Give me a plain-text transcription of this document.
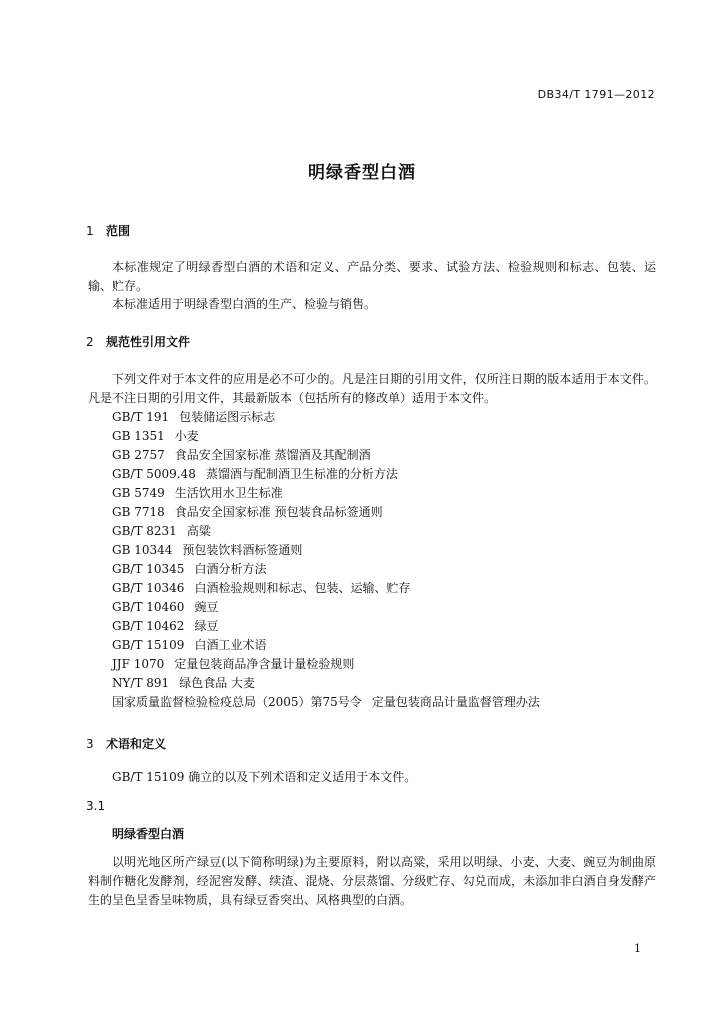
DB34/T 1791—2012
明绿香型白酒
1 范围
本标准规定了明绿香型白酒的术语和定义、产品分类、要求、试验方法、检验规则和标志、包装、运输、贮存。
本标准适用于明绿香型白酒的生产、检验与销售。
2 规范性引用文件
下列文件对于本文件的应用是必不可少的。凡是注日期的引用文件，仅所注日期的版本适用于本文件。凡是不注日期的引用文件，其最新版本（包括所有的修改单）适用于本文件。
GB/T 191 包装储运图示标志
GB 1351 小麦
GB 2757 食品安全国家标准 蒸馏酒及其配制酒
GB/T 5009.48 蒸馏酒与配制酒卫生标准的分析方法
GB 5749 生活饮用水卫生标准
GB 7718 食品安全国家标准 预包装食品标签通则
GB/T 8231 高粱
GB 10344 预包装饮料酒标签通则
GB/T 10345 白酒分析方法
GB/T 10346 白酒检验规则和标志、包装、运输、贮存
GB/T 10460 豌豆
GB/T 10462 绿豆
GB/T 15109 白酒工业术语
JJF 1070 定量包装商品净含量计量检验规则
NY/T 891 绿色食品 大麦
国家质量监督检验检疫总局（2005）第75号令 定量包装商品计量监督管理办法
3 术语和定义
GB/T 15109 确立的以及下列术语和定义适用于本文件。
3.1
明绿香型白酒
以明光地区所产绿豆(以下简称明绿)为主要原料，附以高粱，采用以明绿、小麦、大麦、豌豆为制曲原料制作糖化发酵剂，经泥窖发酵、续渣、混烧、分层蒸馏、分级贮存、勾兑而成，未添加非白酒自身发酵产生的呈色呈香呈味物质，具有绿豆香突出、风格典型的白酒。
1
